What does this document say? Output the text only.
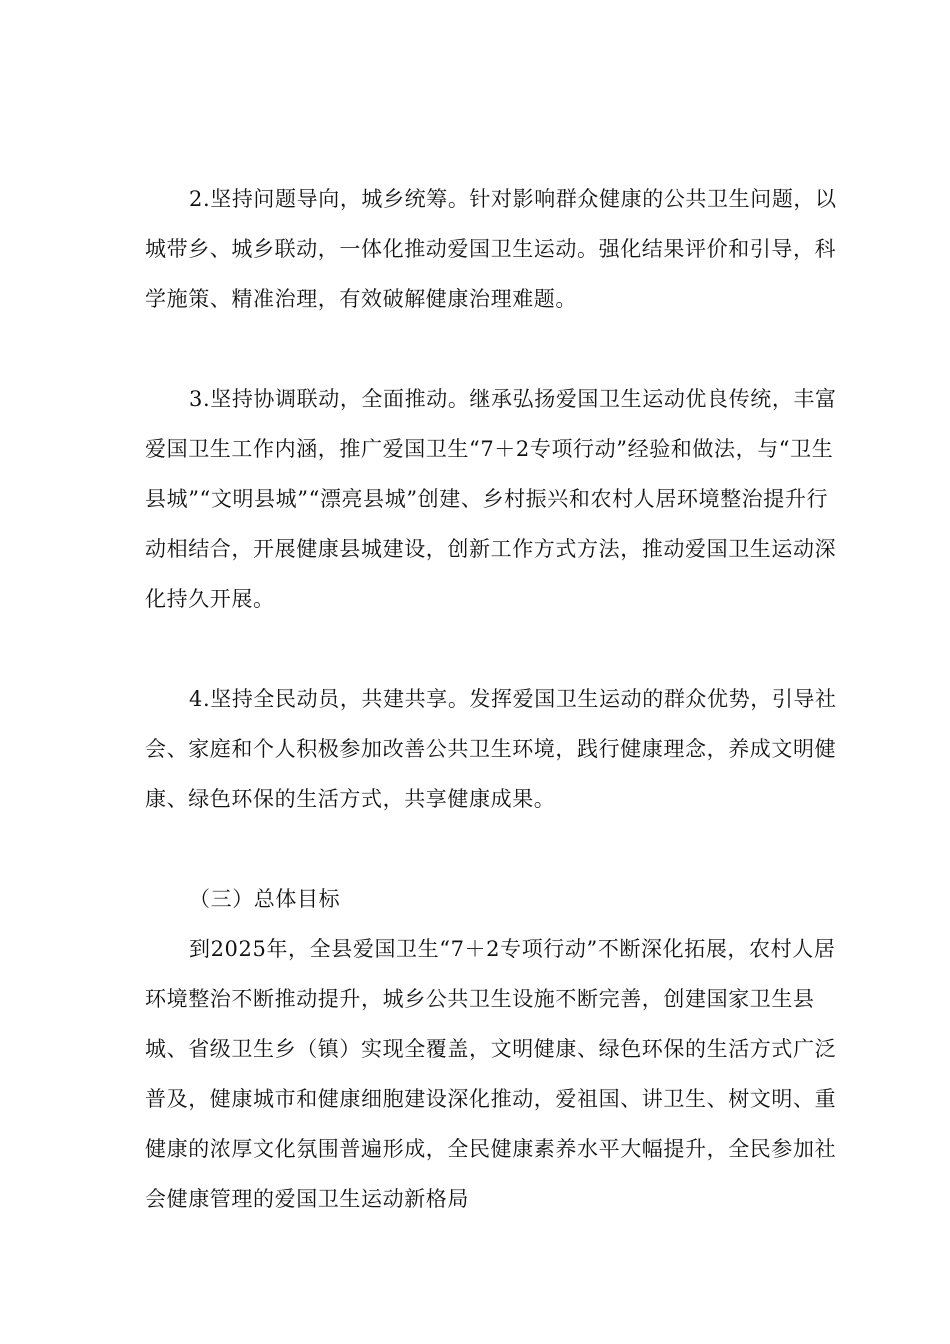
2.坚持问题导向，城乡统筹。针对影响群众健康的公共卫生问题，以城带乡、城乡联动，一体化推动爱国卫生运动。强化结果评价和引导，科学施策、精准治理，有效破解健康治理难题。

3.坚持协调联动，全面推动。继承弘扬爱国卫生运动优良传统，丰富爱国卫生工作内涵，推广爱国卫生“7＋2专项行动”经验和做法，与“卫生县城”“文明县城”“漂亮县城”创建、乡村振兴和农村人居环境整治提升行动相结合，开展健康县城建设，创新工作方式方法，推动爱国卫生运动深化持久开展。

4.坚持全民动员，共建共享。发挥爱国卫生运动的群众优势，引导社会、家庭和个人积极参加改善公共卫生环境，践行健康理念，养成文明健康、绿色环保的生活方式，共享健康成果。

（三）总体目标

到2025年，全县爱国卫生“7＋2专项行动”不断深化拓展，农村人居环境整治不断推动提升，城乡公共卫生设施不断完善，创建国家卫生县城、省级卫生乡（镇）实现全覆盖，文明健康、绿色环保的生活方式广泛普及，健康城市和健康细胞建设深化推动，爱祖国、讲卫生、树文明、重健康的浓厚文化氛围普遍形成，全民健康素养水平大幅提升，全民参加社会健康管理的爱国卫生运动新格局
